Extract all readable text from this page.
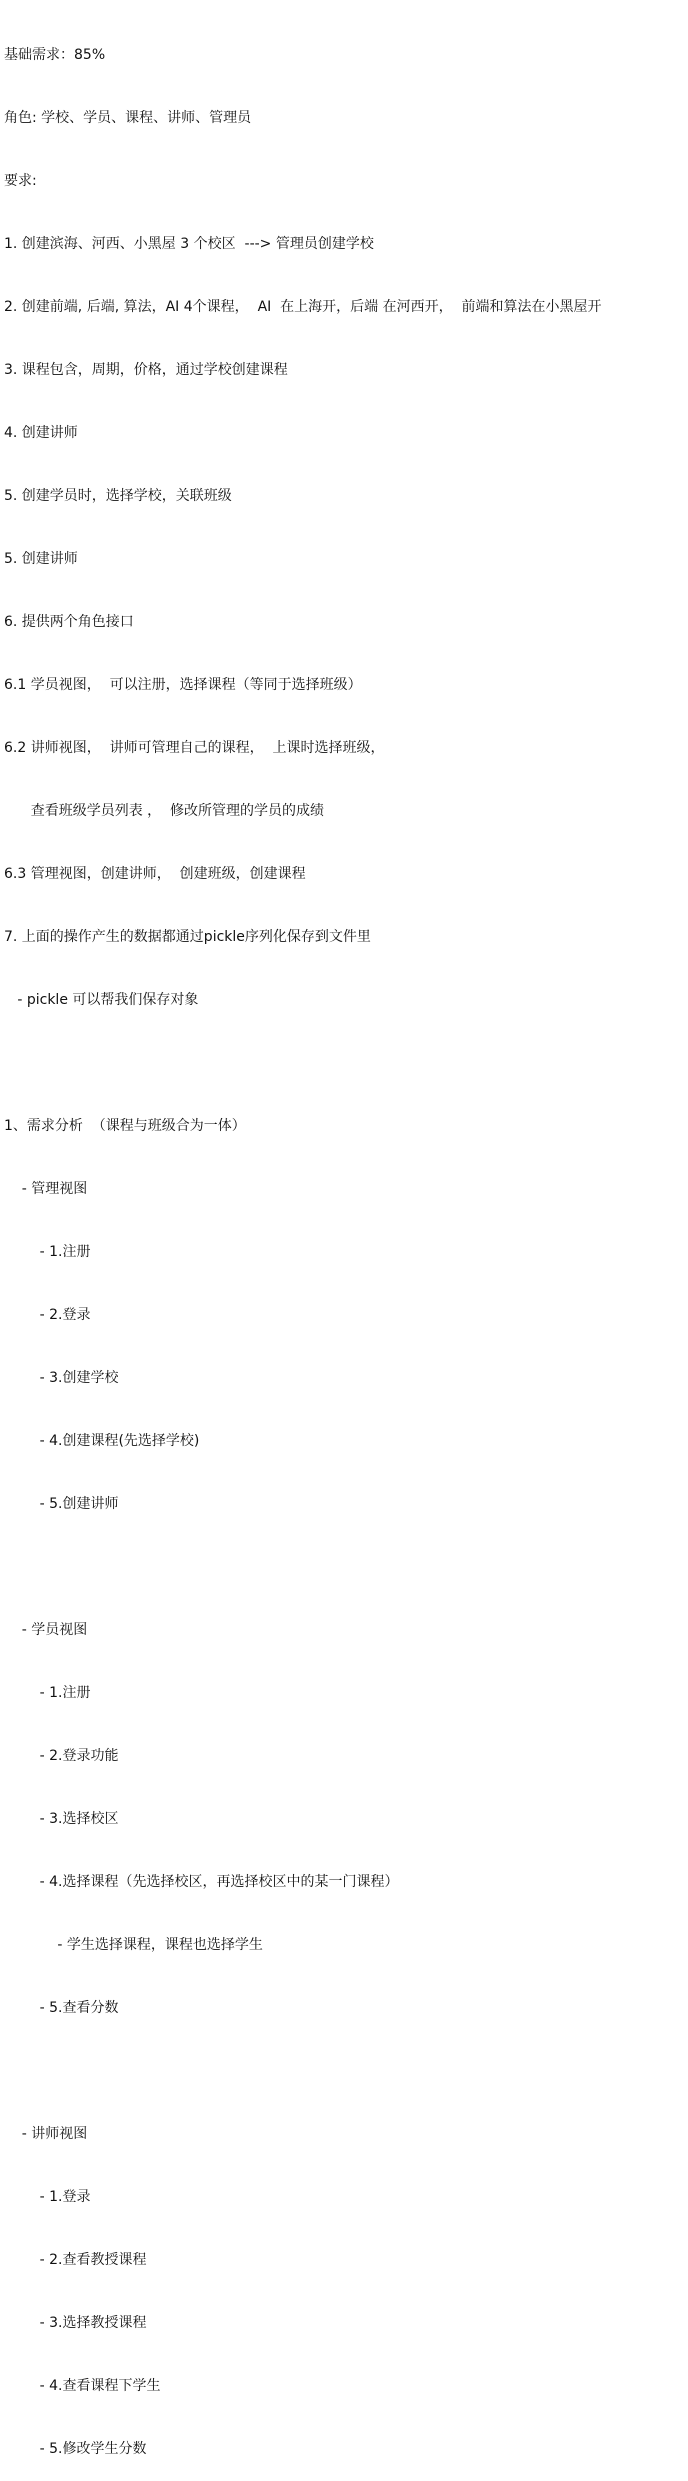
基础需求：85%

角色: 学校、学员、课程、讲师、管理员

要求:

1. 创建滨海、河西、小黑屋 3 个校区  ---> 管理员创建学校

2. 创建前端, 后端, 算法，AI 4个课程，  AI  在上海开，后端 在河西开，  前端和算法在小黑屋开

3. 课程包含，周期，价格，通过学校创建课程

4. 创建讲师

5. 创建学员时，选择学校，关联班级

5. 创建讲师

6. 提供两个角色接口

6.1 学员视图，  可以注册，选择课程（等同于选择班级）

6.2 讲师视图，  讲师可管理自己的课程，  上课时选择班级，

查看班级学员列表 ，  修改所管理的学员的成绩

6.3 管理视图，创建讲师，  创建班级，创建课程

7. 上面的操作产生的数据都通过pickle序列化保存到文件里

- pickle 可以帮我们保存对象

1、需求分析  （课程与班级合为一体）

- 管理视图

- 1.注册

- 2.登录

- 3.创建学校

- 4.创建课程(先选择学校)

- 5.创建讲师

- 学员视图

- 1.注册

- 2.登录功能

- 3.选择校区

- 4.选择课程（先选择校区，再选择校区中的某一门课程）

- 学生选择课程，课程也选择学生

- 5.查看分数

- 讲师视图

- 1.登录

- 2.查看教授课程

- 3.选择教授课程

- 4.查看课程下学生

- 5.修改学生分数
